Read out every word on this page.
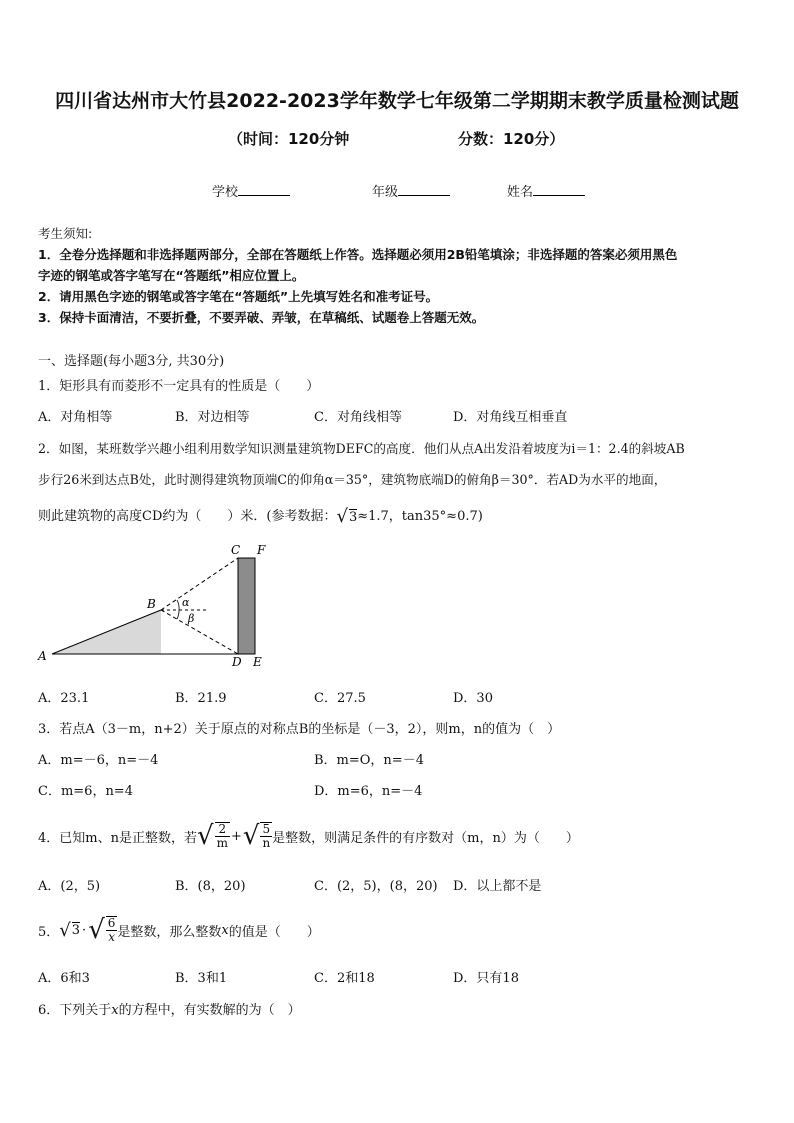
四川省达州市大竹县2022-2023学年数学七年级第二学期期末教学质量检测试题
（时间：120分钟	分数：120分）
学校	年级	姓名
考生须知:
1．全卷分选择题和非选择题两部分，全部在答题纸上作答。选择题必须用2B铅笔填涂；非选择题的答案必须用黑色
字迹的钢笔或答字笔写在“答题纸”相应位置上。
2．请用黑色字迹的钢笔或答字笔在“答题纸”上先填写姓名和准考证号。
3．保持卡面清洁，不要折叠，不要弄破、弄皱，在草稿纸、试题卷上答题无效。
一、选择题(每小题3分, 共30分)
1．矩形具有而菱形不一定具有的性质是（　　）
A．对角相等	B．对边相等	C．对角线相等	D．对角线互相垂直
2．如图，某班数学兴趣小组利用数学知识测量建筑物DEFC的高度．他们从点A出发沿着坡度为i＝1：2.4的斜坡AB
步行26米到达点B处，此时测得建筑物顶端C的仰角α＝35°，建筑物底端D的俯角β＝30°．若AD为水平的地面，
则此建筑物的高度CD约为（　　）米．(参考数据：√3≈1.7，tan35°≈0.7)
A
B
C F
D E
α
β
A．23.1	B．21.9	C．27.5	D．30
3．若点A（3－m，n+2）关于原点的对称点B的坐标是（－3，2），则m，n的值为（　）
A．m=－6，n=－4	B．m=O，n=－4
C．m=6，n=4	D．m=6，n=－4
4．已知m、n是正整数，若 √ $\frac{2}{m}$ + √ $\frac{5}{n}$ 是整数，则满足条件的有序数对（m，n）为（　　）
A．(2，5)	B．(8，20)	C．(2，5)，(8，20) D．以上都不是
5． √ 3 · √ $\frac{6}{x}$ 是整数，那么整数 x 的值是（　　）
A．6和3	B．3和1	C．2和18	D．只有18
6．下列关于x的方程中，有实数解的为（　）
